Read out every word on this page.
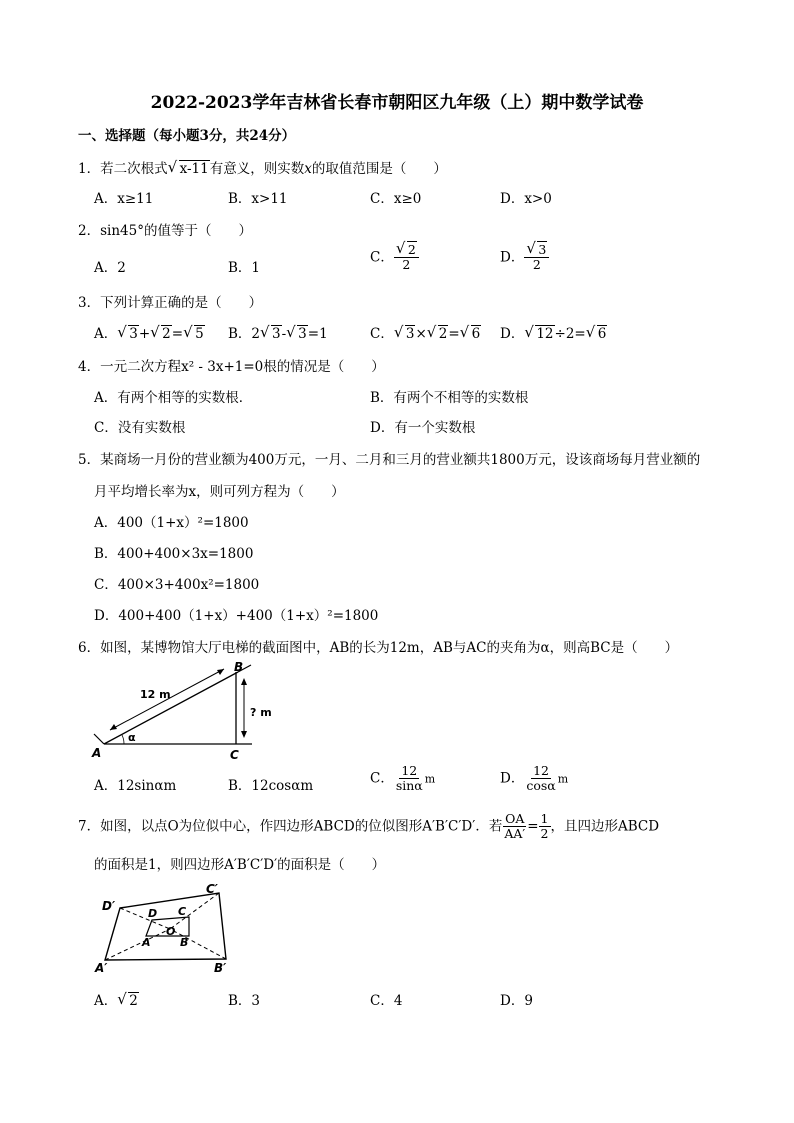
2022-2023学年吉林省长春市朝阳区九年级（上）期中数学试卷
一、选择题（每小题3分，共24分）
1．若二次根式 √ x-11有意义，则实数x的取值范围是（　　）
A．x≥11	B．x>11	C．x≥0	D．x>0
2．sin45°的值等于（　　）
A．2	B．1
C． $\frac{√ 2}{2}$	D． $\frac{√ 3}{2}$
3．下列计算正确的是（　　）
A． √ 3+ √ 2= √ 5 B．2 √ 3- √ 3=1	C． √ 3× √ 2= √ 6 D． √ 12÷2= √ 6
4．一元二次方程x² - 3x+1=0根的情况是（　　）
A．有两个相等的实数根．	B．有两个不相等的实数根
C．没有实数根	D．有一个实数根
5．某商场一月份的营业额为400万元，一月、二月和三月的营业额共1800万元，设该商场每月营业额的
月平均增长率为x，则可列方程为（　　）
A．400（1+x）²=1800
B．400+400×3x=1800
C．400×3+400x²=1800
D．400+400（1+x）+400（1+x）²=1800
6．如图，某博物馆大厅电梯的截面图中，AB的长为12m，AB与AC的夹角为α，则高BC是（　　）
12 m
? m
α
A
B
C
A．12sinαm	B．12cosαm	C． $\frac{12}{\sin\alpha}$ m	D． $\frac{12}{\cos\alpha}$ m
7．如图，以点O为位似中心，作四边形ABCD的位似图形A′B′C′D′．若 $\frac{OA}{AA'} = \frac{1}{2}$ ，且四边形ABCD
的面积是1，则四边形A′B′C′D′的面积是（　　）
D′
C′
A′	B′
D C
A	B
O
A． √ 2	B．3	C．4	D．9
